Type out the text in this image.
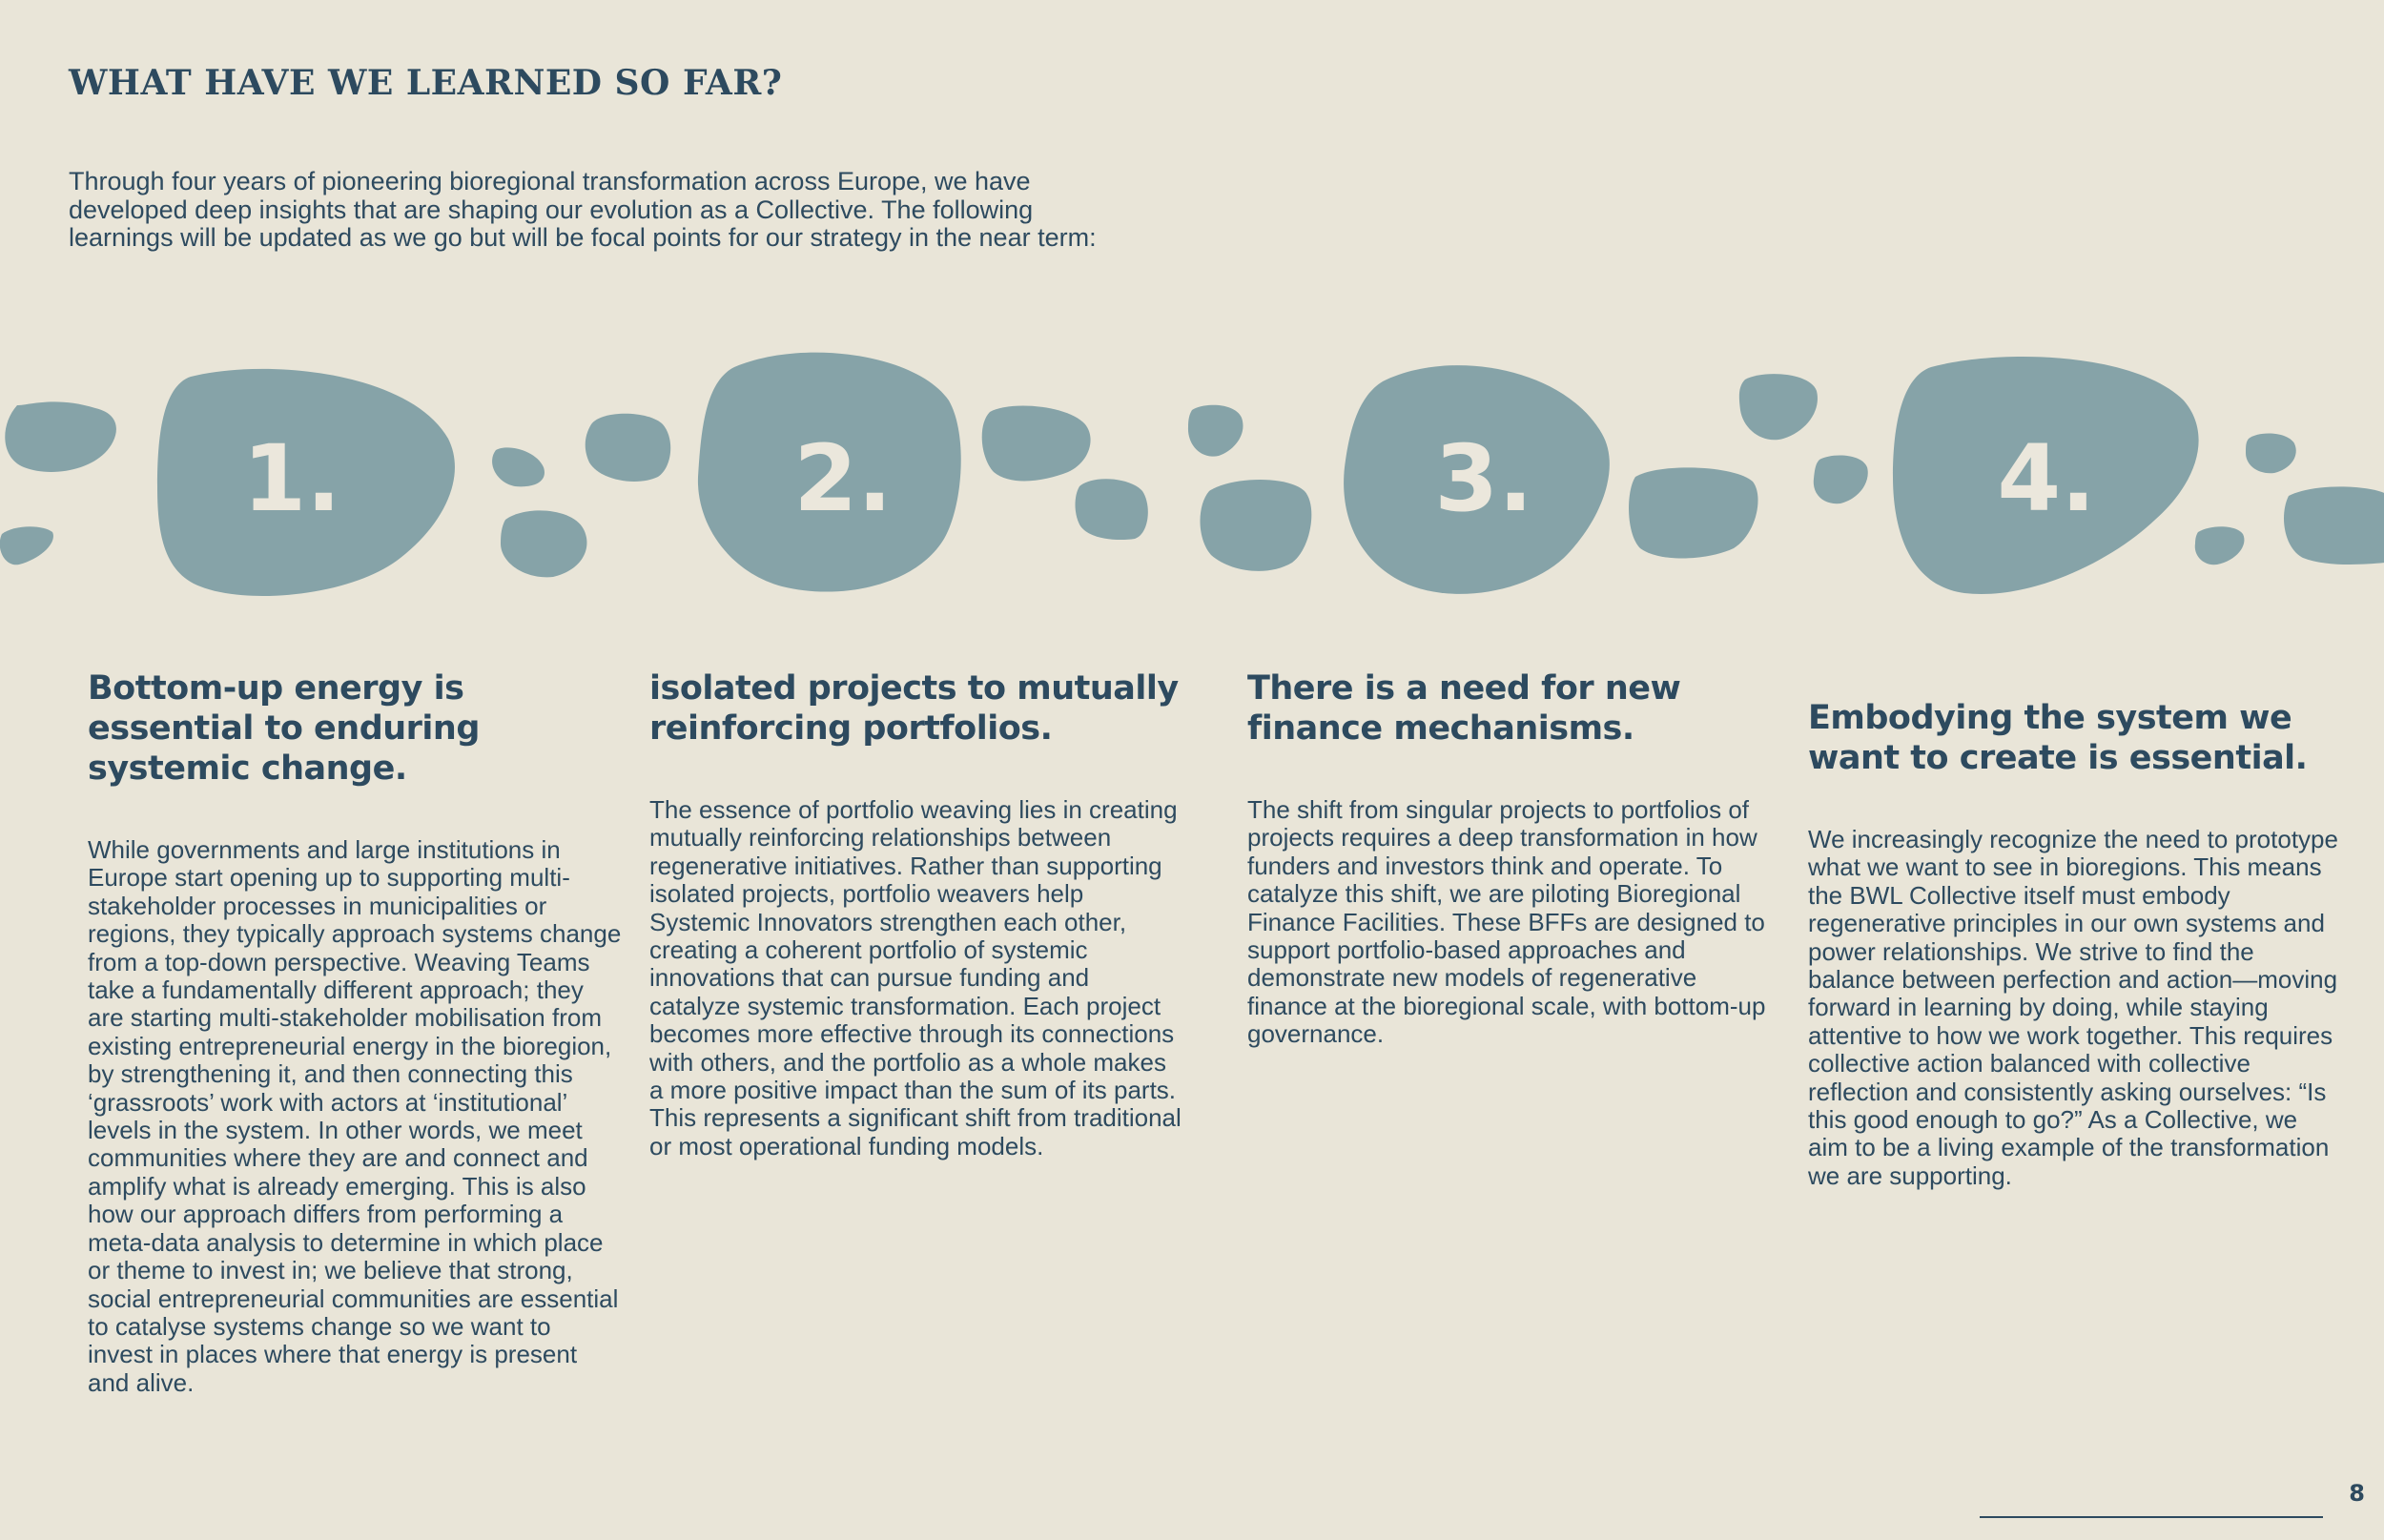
WHAT HAVE WE LEARNED SO FAR?

Through four years of pioneering bioregional transformation across Europe, we have developed deep insights that are shaping our evolution as a Collective. The following learnings will be updated as we go but will be focal points for our strategy in the near term:

1.	2.	3.	4.
Bottom-up energy is essential to enduring systemic change.

While governments and large institutions in Europe start opening up to supporting multi-stakeholder processes in municipalities or regions, they typically approach systems change from a top-down perspective. Weaving Teams take a fundamentally different approach; they are starting multi-stakeholder mobilisation from existing entrepreneurial energy in the bioregion, by strengthening it, and then connecting this ‘grassroots’ work with actors at ‘institutional’ levels in the system. In other words, we meet communities where they are and connect and amplify what is already emerging. This is also how our approach differs from performing a meta-data analysis to determine in which place or theme to invest in; we believe that strong, social entrepreneurial communities are essential to catalyse systems change so we want to invest in places where that energy is present and alive.

isolated projects to mutually reinforcing portfolios.

The essence of portfolio weaving lies in creating mutually reinforcing relationships between regenerative initiatives. Rather than supporting isolated projects, portfolio weavers help Systemic Innovators strengthen each other, creating a coherent portfolio of systemic innovations that can pursue funding and catalyze systemic transformation. Each project becomes more effective through its connections with others, and the portfolio as a whole makes a more positive impact than the sum of its parts. This represents a significant shift from traditional or most operational funding models.

There is a need for new finance mechanisms.

The shift from singular projects to portfolios of projects requires a deep transformation in how funders and investors think and operate. To catalyze this shift, we are piloting Bioregional Finance Facilities. These BFFs are designed to support portfolio-based approaches and demonstrate new models of regenerative finance at the bioregional scale, with bottom-up governance.

Embodying the system we want to create is essential.

We increasingly recognize the need to prototype what we want to see in bioregions. This means the BWL Collective itself must embody regenerative principles in our own systems and power relationships. We strive to find the balance between perfection and action—moving forward in learning by doing, while staying attentive to how we work together. This requires collective action balanced with collective reflection and consistently asking ourselves: “Is this good enough to go?” As a Collective, we aim to be a living example of the transformation we are supporting.

8
